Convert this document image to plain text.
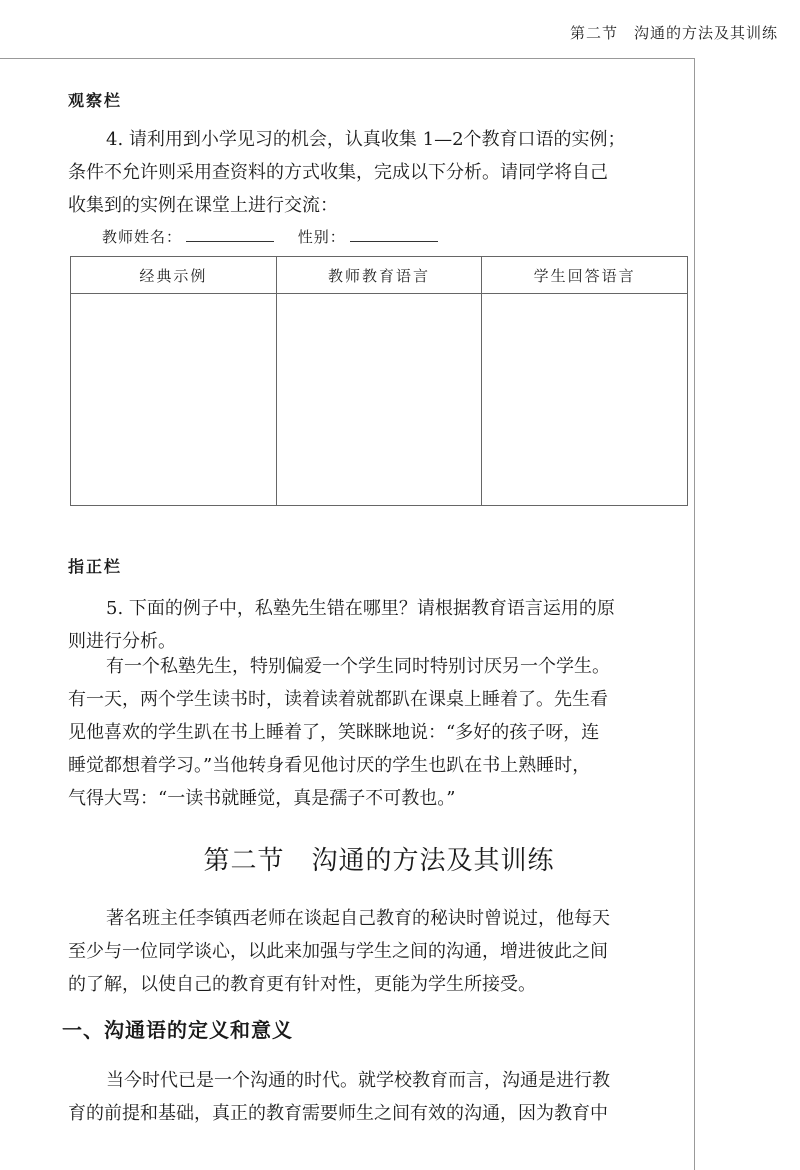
第二节　沟通的方法及其训练
观察栏

4. 请利用到小学见习的机会，认真收集 1—2个教育口语的实例；
条件不允许则采用查资料的方式收集，完成以下分析。请同学将自己
收集到的实例在课堂上进行交流：

教师姓名：	性别：
经典示例	教师教育语言	学生回答语言

指正栏

5. 下面的例子中，私塾先生错在哪里？请根据教育语言运用的原
则进行分析。

有一个私塾先生，特别偏爱一个学生同时特别讨厌另一个学生。
有一天，两个学生读书时，读着读着就都趴在课桌上睡着了。先生看
见他喜欢的学生趴在书上睡着了，笑眯眯地说：“多好的孩子呀，连
睡觉都想着学习。”当他转身看见他讨厌的学生也趴在书上熟睡时，
气得大骂：“一读书就睡觉，真是孺子不可教也。”

第二节　沟通的方法及其训练

著名班主任李镇西老师在谈起自己教育的秘诀时曾说过，他每天
至少与一位同学谈心，以此来加强与学生之间的沟通，增进彼此之间
的了解，以使自己的教育更有针对性，更能为学生所接受。

一、沟通语的定义和意义

当今时代已是一个沟通的时代。就学校教育而言，沟通是进行教
育的前提和基础，真正的教育需要师生之间有效的沟通，因为教育中
